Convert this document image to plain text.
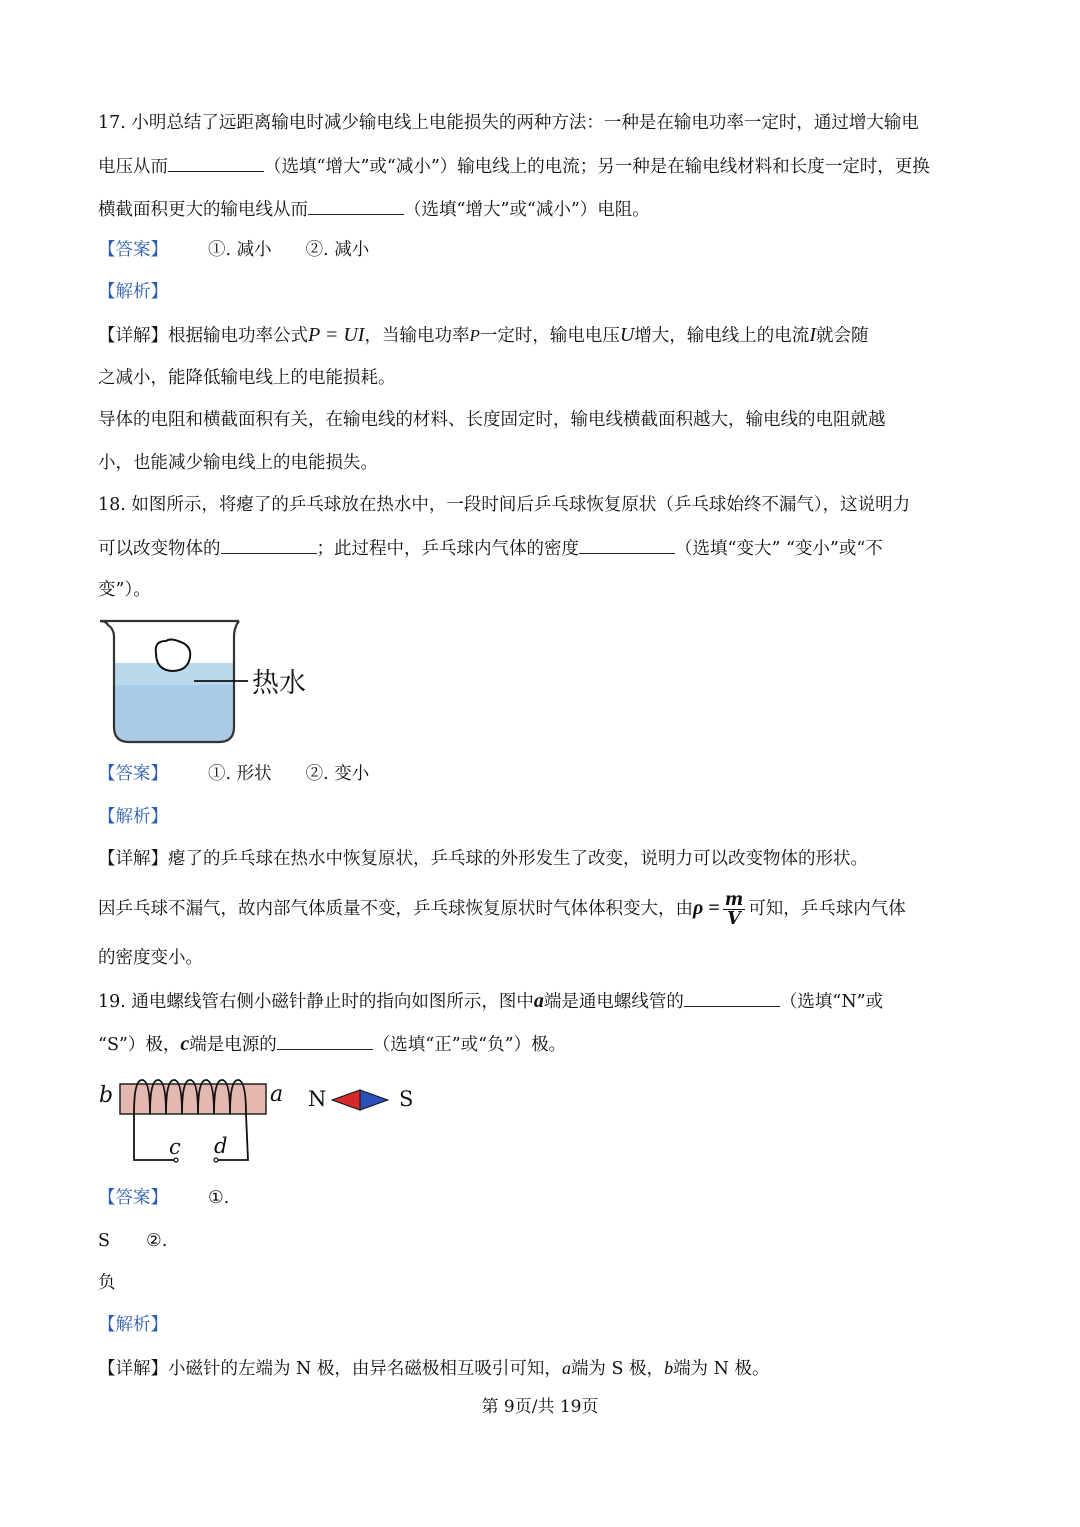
17. 小明总结了远距离输电时减少输电线上电能损失的两种方法：一种是在输电功率一定时，通过增大输电
电压从而	（选填“增大”或“减小”）输电线上的电流；另一种是在输电线材料和长度一定时，更换
横截面积更大的输电线从而	（选填“增大”或“减小”）电阻。
【答案】 ①. 减小 ②. 减小
【解析】
【详解】根据输电功率公式P = UI，当输电功率P一定时，输电电压U增大，输电线上的电流I就会随
之减小，能降低输电线上的电能损耗。
导体的电阻和横截面积有关，在输电线的材料、长度固定时，输电线横截面积越大，输电线的电阻就越
小，也能减少输电线上的电能损失。
18. 如图所示，将瘪了的乒乓球放在热水中，一段时间后乒乓球恢复原状（乒乓球始终不漏气），这说明力
可以改变物体的	；此过程中，乒乓球内气体的密度	（选填“变大” “变小”或“不
变”）。
热水
【答案】 ①. 形状 ②. 变小
【解析】
【详解】瘪了的乒乓球在热水中恢复原状，乒乓球的外形发生了改变，说明力可以改变物体的形状。
因乒乓球不漏气，故内部气体质量不变，乒乓球恢复原状时气体体积变大，由$\rho = \frac{m}{V}$ 可知，乒乓球内气体
的密度变小。
19. 通电螺线管右侧小磁针静止时的指向如图所示，图中a端是通电螺线管的	（选填“N”或
“S”）极，c端是电源的	（选填“正”或“负”）极。
b	a
c d
N	S
【答案】 ①.
S ②.
负
【解析】
【详解】小磁针的左端为 N 极，由异名磁极相互吸引可知，a端为 S 极，b端为 N 极。
第 9页/共 19页
